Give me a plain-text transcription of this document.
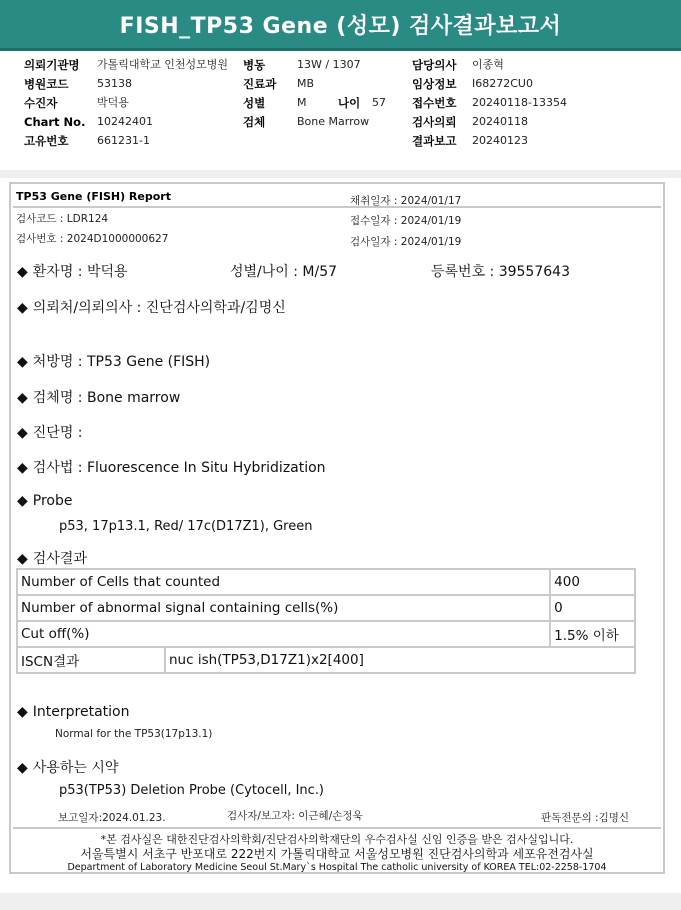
FISH_TP53 Gene (성모) 검사결과보고서
의뢰기관명 가톨릭대학교 인천성모병원 병동	13W / 1307	담당의사 이종혁
병원코드	53138	진료과 MB	임상정보 I68272CU0
수진자	박덕용	성별	M	나이 57 접수번호 20240118-13354
Chart No. 10242401	검체	Bone Marrow	검사의뢰 20240118
고유번호	661231-1	결과보고 20240123
TP53 Gene (FISH) Report
검사코드 : LDR124
검사번호 : 2024D1000000627
채취일자 : 2024/01/17
접수일자 : 2024/01/19
검사일자 : 2024/01/19
◆ 환자명 : 박덕용	성별/나이 : M/57	등록번호 : 39557643
◆ 의뢰처/의뢰의사 : 진단검사의학과/김명신
◆ 처방명 : TP53 Gene (FISH)
◆ 검체명 : Bone marrow
◆ 진단명 :
◆ 검사법 : Fluorescence In Situ Hybridization
◆ Probe
p53, 17p13.1, Red/ 17c(D17Z1), Green
◆ 검사결과
Number of Cells that counted		400
Number of abnormal signal containing cells(%)		0
Cut off(%)		1.5% 이하
ISCN결과	nuc ish(TP53,D17Z1)x2[400]	
◆ Interpretation
Normal for the TP53(17p13.1)
◆ 사용하는 시약
p53(TP53) Deletion Probe (Cytocell, Inc.)
보고일자:2024.01.23.	검사자/보고자: 이근혜/손정욱	판독전문의 :김명신
*본 검사실은 대한진단검사의학회/진단검사의학재단의 우수검사실 신임 인증을 받은 검사실입니다.
서울특별시 서초구 반포대로 222번지 가톨릭대학교 서울성모병원 진단검사의학과 세포유전검사실
Department of Laboratory Medicine Seoul St.Mary`s Hospital The catholic university of KOREA TEL:02-2258-1704
